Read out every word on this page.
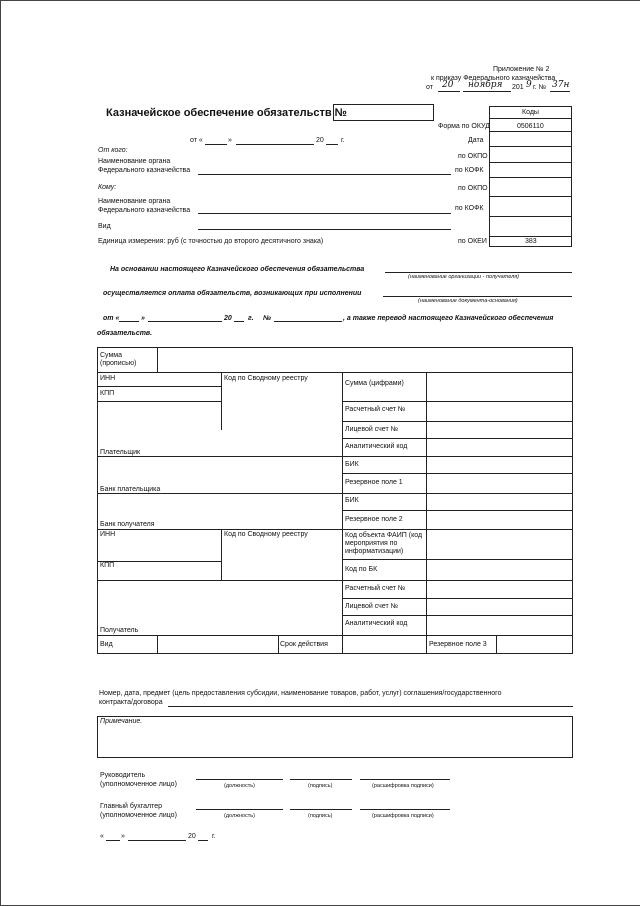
Приложение № 2
к приказу Федерального казначейства
от 20 ноября 201 9 г. № 37н
Казначейское обеспечение обязательств №	Коды
Форма по ОКУД	0506110
Дата
по ОКПО
по КОФК
по ОКПО
по КОФК
по ОКЕИ	383
от «	»	20 г.
От кого:
Наименование органа
Федерального казначейства
Кому:
Наименование органа
Федерального казначейства
Вид
Единица измерения: руб (с точностью до второго десятичного знака)
На основании настоящего Казначейского обеспечения обязательства
(наименование организации - получателя)
осуществляется оплата обязательств, возникающих при исполнении
(наименование документа-основания)
от «	»	20 г. №	, а также перевод настоящего Казначейского обеспечения
обязательств.
Сумма (прописью)
ИНН	Код по Сводному реестру
КПП
Сумма (цифрами)
Расчетный счет №
Лицевой счет №
Аналитический код
Плательщик
БИК
Резервное поле 1
Банк плательщика
БИК
Резервное поле 2
Банк получателя
ИНН	Код по Сводному реестру
КПП
Код объекта ФАИП (код мероприятия по информатизации)
Код по БК
Расчетный счет №
Лицевой счет №
Аналитический код
Получатель
Вид	Срок действия	Резервное поле 3
Номер, дата, предмет (цель предоставления субсидии, наименование товаров, работ, услуг) соглашения/государственного
контракта/договора
Примечание.
Руководитель
(уполномоченное лицо)	(должность)	(подпись)	(расшифровка подписи)
Главный бухгалтер
(уполномоченное лицо)	(должность)	(подпись)	(расшифровка подписи)
« »	20 г.
